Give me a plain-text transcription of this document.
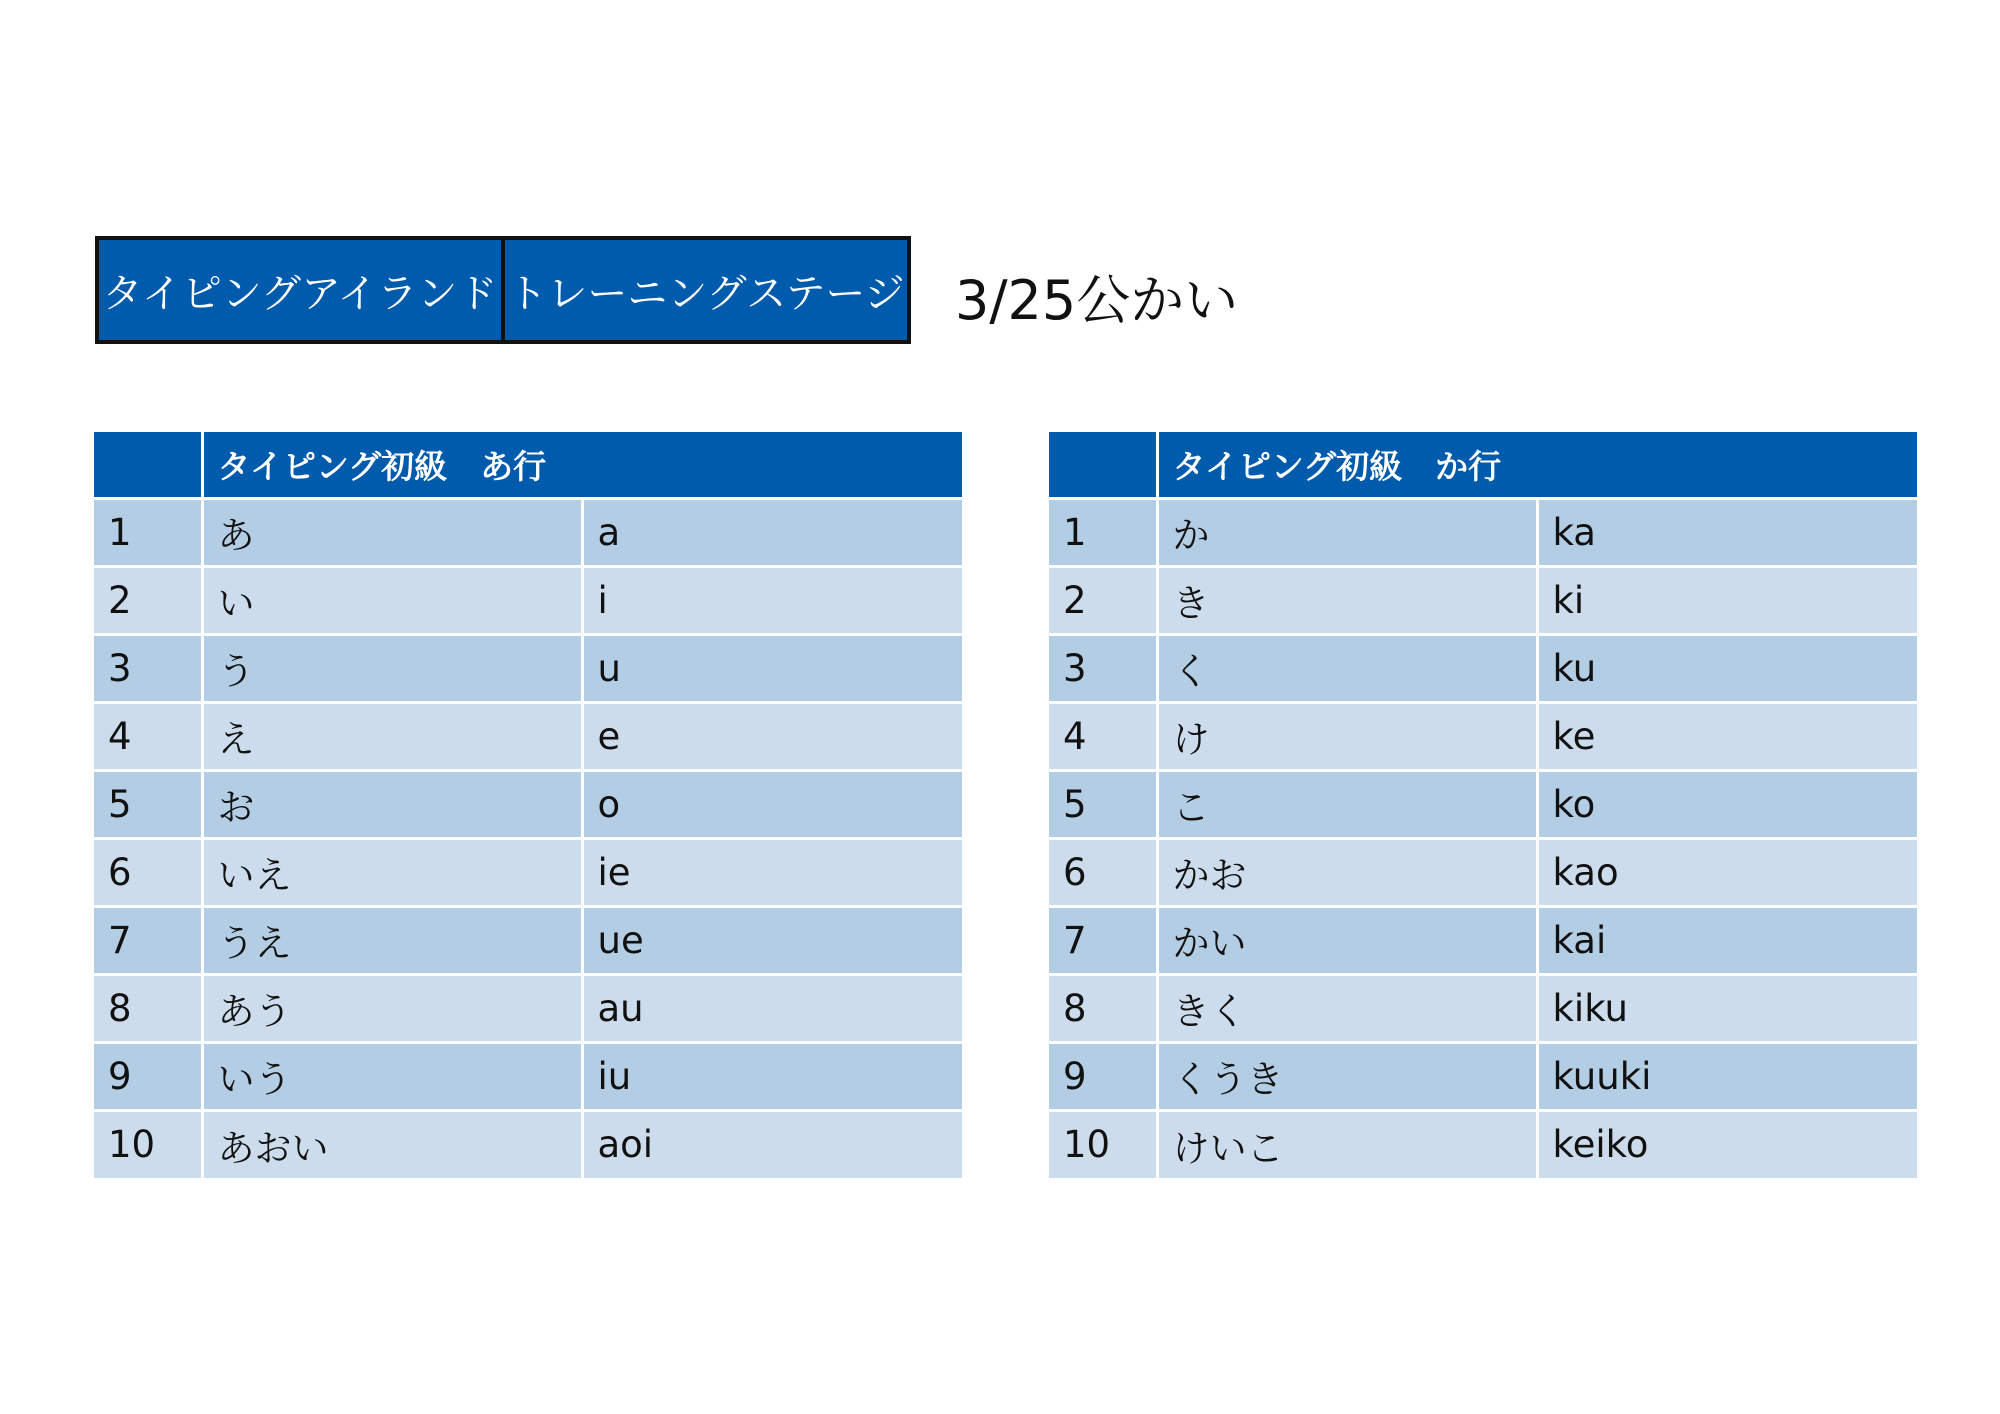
タイピングアイランド トレーニングステージ 3/25公かい
	タイピング初級　あ行	
1	あ	a
2	い	i
3	う	u
4	え	e
5	お	o
6	いえ	ie
7	うえ	ue
8	あう	au
9	いう	iu
10	あおい	aoi
	タイピング初級　か行	
1	か	ka
2	き	ki
3	く	ku
4	け	ke
5	こ	ko
6	かお	kao
7	かい	kai
8	きく	kiku
9	くうき	kuuki
10	けいこ	keiko
